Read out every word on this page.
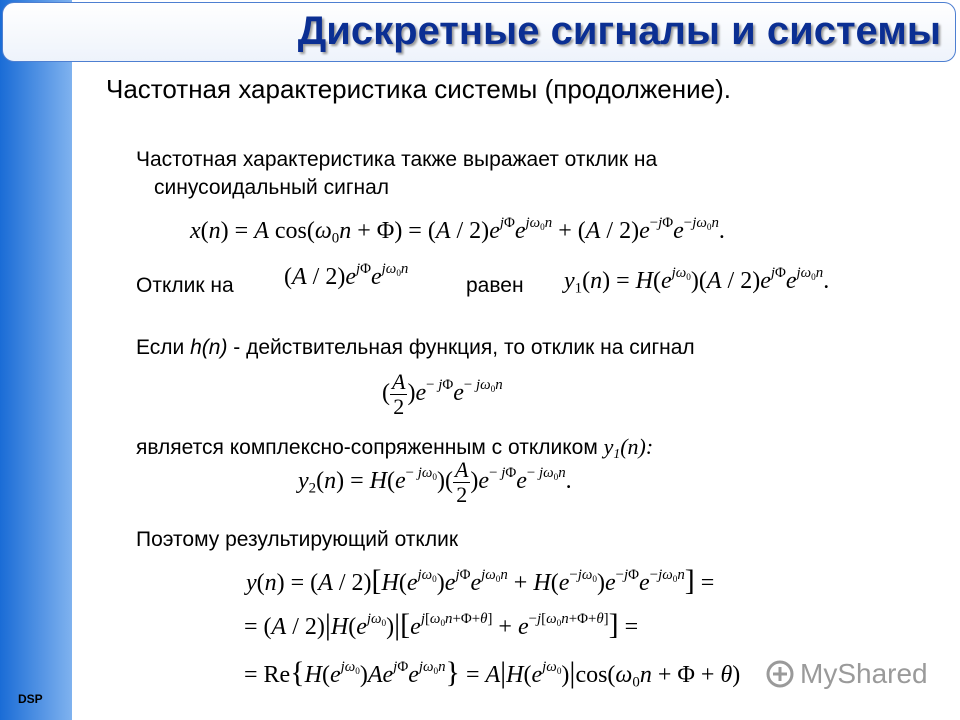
DSP
Дискретные сигналы и системы
Частотная характеристика системы (продолжение).
Частотная характеристика также выражает отклик на
синусоидальный сигнал
x(n) = A $\cos(\omega_0n + \Phi) = (A / 2)e^{j\Phi}e^{j\omega_0n} + (A / 2)e^{-j\Phi}e^{-j\omega_0n}$.
Отклик на $(A / 2)e^{j\Phi}e^{j\omega_0n}$
равен $y_1(n) = H(e^{j\omega_0})(A / 2)e^{j\Phi}e^{j\omega_0n}$.
Если h(n) - действительная функция, то отклик на сигнал
( $\frac{A}{2} )e^{- j\Phi}e^{- j\omega_0n}$
является комплексно-сопряженным с откликом $y_1(n)$:
$y_2(n) = H(e^{- j\omega_0})( \frac{A}{2} )e^{- j\Phi}e^{- j\omega_0n}$.
Поэтому результирующий отклик
$y(n) = (A / 2)[H(e^{j\omega_0})e^{j\Phi}e^{j\omega_0n} + H(e^{-j\omega_0})e^{-j\Phi}e^{-j\omega_0n}]$ =
= $(A / 2)|H(e^{j\omega_0})|[e^{j[\omega_0n+\Phi+\theta]} + e^{-j[\omega_0n+\Phi+\theta]}]$ =
= $Re\{H(e^{j\omega_0})Ae^{j\Phi}e^{j\omega_0n}\} = A|H(e^{j\omega_0})|\cos(\omega_0n + \Phi + \theta)$	MyShared
